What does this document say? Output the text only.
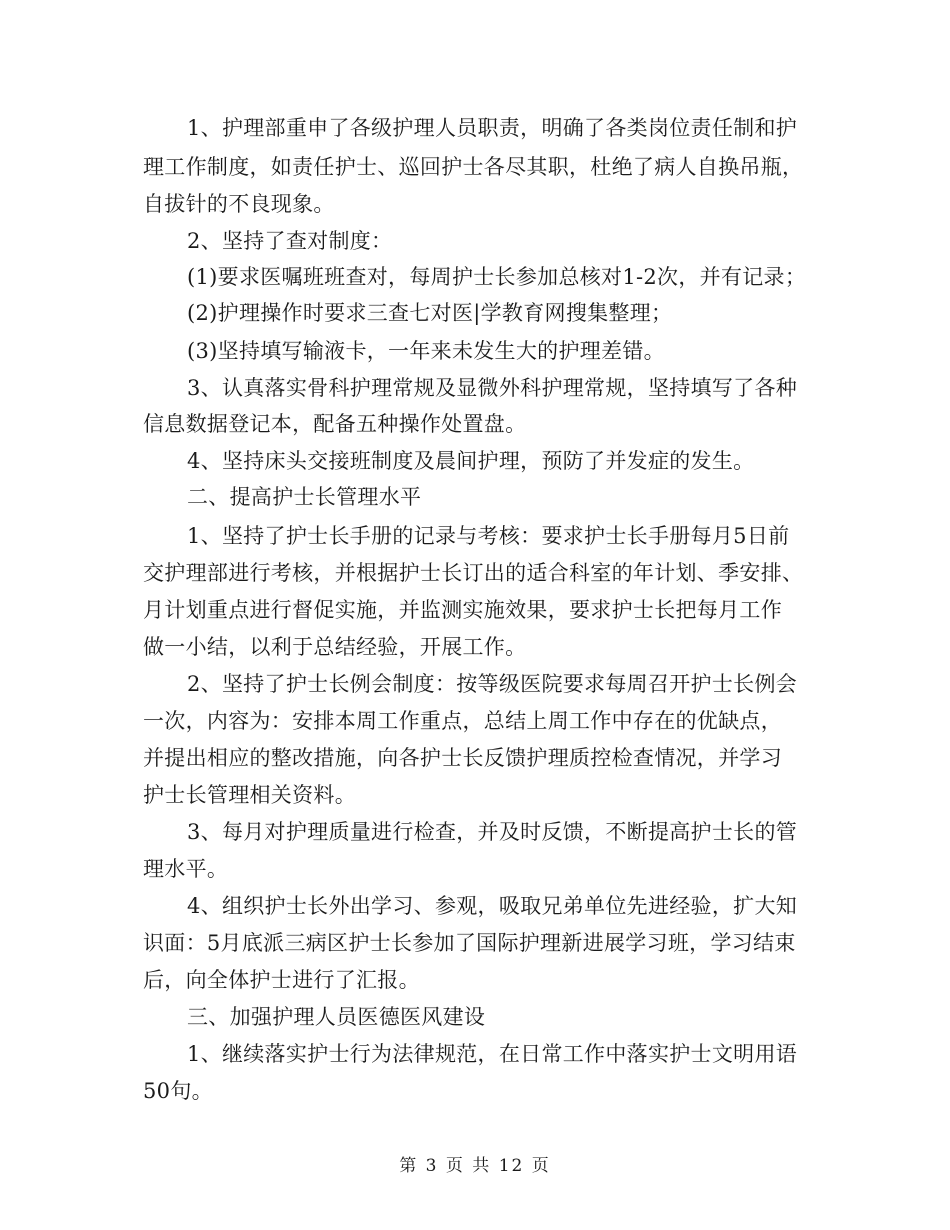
1、护理部重申了各级护理人员职责，明确了各类岗位责任制和护
理工作制度，如责任护士、巡回护士各尽其职，杜绝了病人自换吊瓶，
自拔针的不良现象。
2、坚持了查对制度：
(1)要求医嘱班班查对，每周护士长参加总核对1-2次，并有记录；
(2)护理操作时要求三查七对医|学教育网搜集整理；
(3)坚持填写输液卡，一年来未发生大的护理差错。
3、认真落实骨科护理常规及显微外科护理常规，坚持填写了各种
信息数据登记本，配备五种操作处置盘。
4、坚持床头交接班制度及晨间护理，预防了并发症的发生。
二、提高护士长管理水平
1、坚持了护士长手册的记录与考核：要求护士长手册每月5日前
交护理部进行考核，并根据护士长订出的适合科室的年计划、季安排、
月计划重点进行督促实施，并监测实施效果，要求护士长把每月工作
做一小结，以利于总结经验，开展工作。
2、坚持了护士长例会制度：按等级医院要求每周召开护士长例会
一次，内容为：安排本周工作重点，总结上周工作中存在的优缺点，
并提出相应的整改措施，向各护士长反馈护理质控检查情况，并学习
护士长管理相关资料。
3、每月对护理质量进行检查，并及时反馈，不断提高护士长的管
理水平。
4、组织护士长外出学习、参观，吸取兄弟单位先进经验，扩大知
识面：5月底派三病区护士长参加了国际护理新进展学习班，学习结束
后，向全体护士进行了汇报。
三、加强护理人员医德医风建设
1、继续落实护士行为法律规范，在日常工作中落实护士文明用语
50句。
第 3 页 共 12 页
